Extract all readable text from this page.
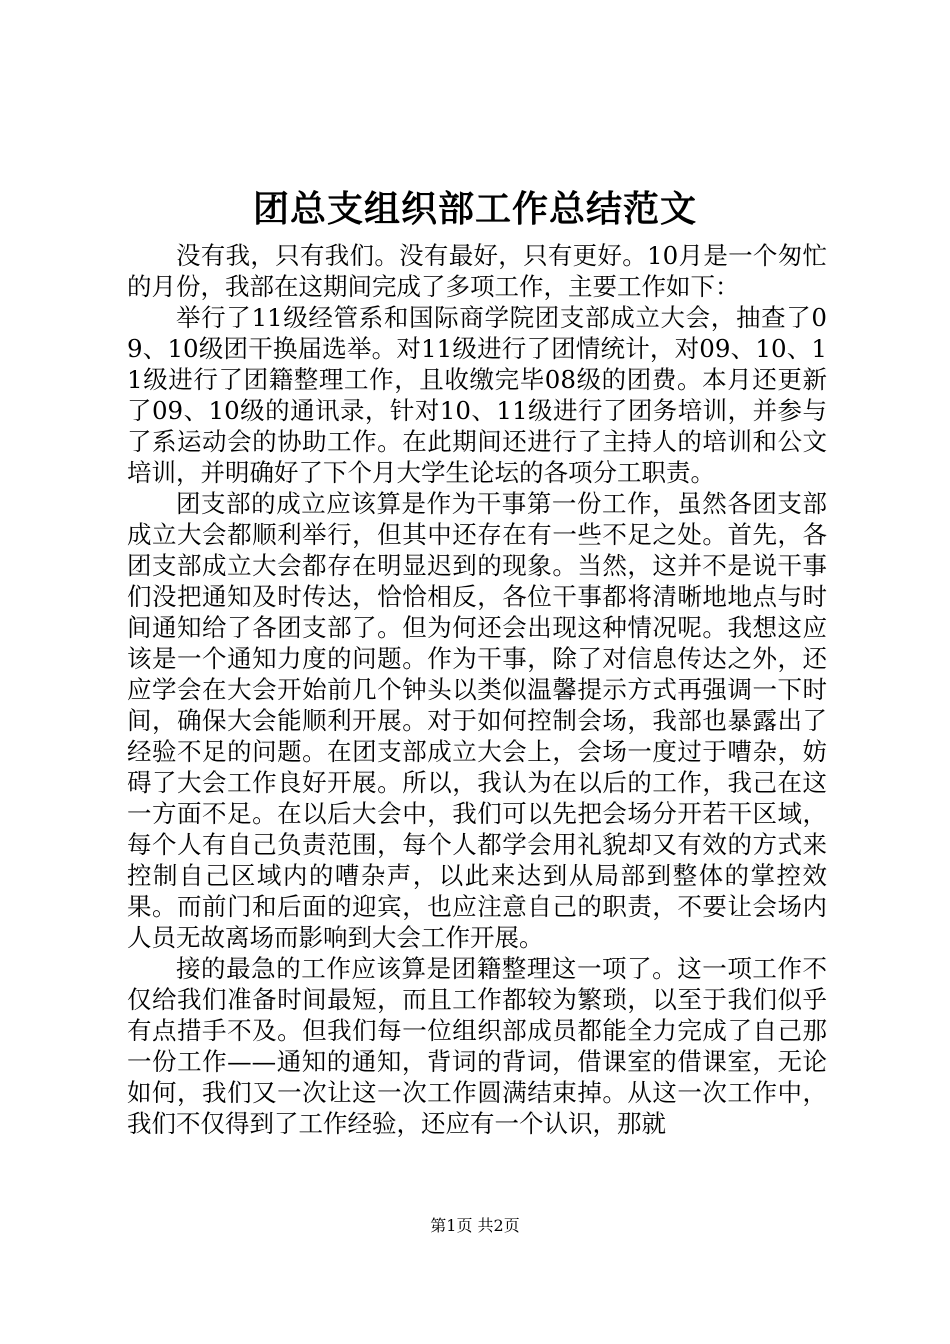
团总支组织部工作总结范文

没有我，只有我们。没有最好，只有更好。10月是一个匆忙的月份，我部在这期间完成了多项工作，主要工作如下：

举行了11级经管系和国际商学院团支部成立大会，抽查了09、10级团干换届选举。对11级进行了团情统计，对09、10、11级进行了团籍整理工作，且收缴完毕08级的团费。本月还更新了09、10级的通讯录，针对10、11级进行了团务培训，并参与了系运动会的协助工作。在此期间还进行了主持人的培训和公文培训，并明确好了下个月大学生论坛的各项分工职责。

团支部的成立应该算是作为干事第一份工作，虽然各团支部成立大会都顺利举行，但其中还存在有一些不足之处。首先，各团支部成立大会都存在明显迟到的现象。当然，这并不是说干事们没把通知及时传达，恰恰相反，各位干事都将清晰地地点与时间通知给了各团支部了。但为何还会出现这种情况呢。我想这应该是一个通知力度的问题。作为干事，除了对信息传达之外，还应学会在大会开始前几个钟头以类似温馨提示方式再强调一下时间，确保大会能顺利开展。对于如何控制会场，我部也暴露出了经验不足的问题。在团支部成立大会上，会场一度过于嘈杂，妨碍了大会工作良好开展。所以，我认为在以后的工作，我己在这一方面不足。在以后大会中，我们可以先把会场分开若干区域，每个人有自己负责范围，每个人都学会用礼貌却又有效的方式来控制自己区域内的嘈杂声，以此来达到从局部到整体的掌控效果。而前门和后面的迎宾，也应注意自己的职责，不要让会场内人员无故离场而影响到大会工作开展。

接的最急的工作应该算是团籍整理这一项了。这一项工作不仅给我们准备时间最短，而且工作都较为繁琐，以至于我们似乎有点措手不及。但我们每一位组织部成员都能全力完成了自己那一份工作——通知的通知，背词的背词，借课室的借课室，无论如何，我们又一次让这一次工作圆满结束掉。从这一次工作中，我们不仅得到了工作经验，还应有一个认识，那就

第1页 共2页
